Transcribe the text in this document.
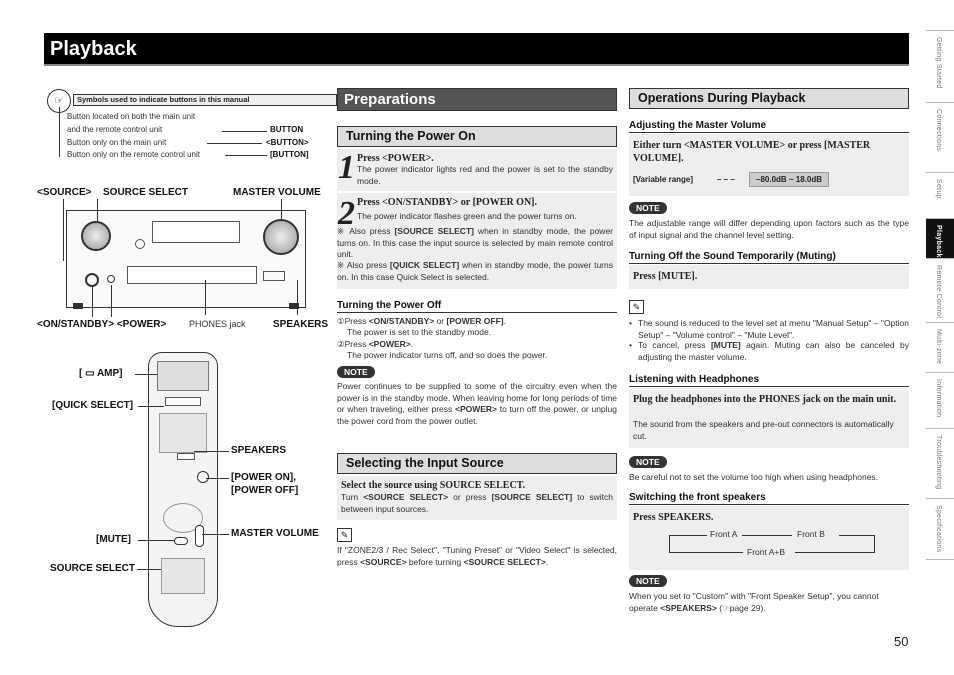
Playback	Getting Started
Connections
Setup
Playback
Remote Control
Multi-zone
Information
Troubleshooting
Specifications
☞	Symbols used to indicate buttons in this manual
Button located on both the main unit
and the remote control unit	BUTTON
Button only on the main unit	<BUTTON>
Button only on the remote control unit	[BUTTON]
<SOURCE> SOURCE SELECT	MASTER VOLUME
<ON/STANDBY> <POWER>	PHONES jack	SPEAKERS
[ ▭ AMP]
[QUICK SELECT]
SPEAKERS
[POWER ON],
[POWER OFF]
[MUTE]
MASTER VOLUME
SOURCE SELECT
Preparations
Turning the Power On
1 Press <POWER>.
The power indicator lights red and the power is set to the standby mode.
2 Press <ON/STANDBY> or [POWER ON].
The power indicator flashes green and the power turns on.
※ Also press [SOURCE SELECT] when in standby mode, the power turns on. In this case the input source is selected by main remote control unit.
※ Also press [QUICK SELECT] when in standby mode, the power turns on. In this case Quick Select is selected.
Turning the Power Off
①Press <ON/STANDBY> or [POWER OFF].
The power is set to the standby mode.
②Press <POWER>.
The power indicator turns off, and so does the power.
NOTE
Power continues to be supplied to some of the circuitry even when the power is in the standby mode. When leaving home for long periods of time or when traveling, either press <POWER> to turn off the power, or unplug the power cord from the power outlet.
Selecting the Input Source
Select the source using SOURCE SELECT.
Turn <SOURCE SELECT> or press [SOURCE SELECT] to switch between input sources.
✎
If "ZONE2/3 / Rec Select", "Tuning Preset" or "Video Select" is selected, press <SOURCE> before turning <SOURCE SELECT>.
Operations During Playback
Adjusting the Master Volume
Either turn <MASTER VOLUME> or press [MASTER VOLUME].
[Variable range]	– – –	–80.0dB ~ 18.0dB
NOTE
The adjustable range will differ depending upon factors such as the type of input signal and the channel level setting.
Turning Off the Sound Temporarily (Muting)
Press [MUTE].
✎
• The sound is reduced to the level set at menu "Manual Setup" – "Option Setup" – "Volume control" – "Mute Level".
• To cancel, press [MUTE] again. Muting can also be canceled by adjusting the master volume.
Listening with Headphones
Plug the headphones into the PHONES jack on the main unit.
The sound from the speakers and pre-out connectors is automatically cut.
NOTE
Be careful not to set the volume too high when using headphones.
Switching the front speakers
Press SPEAKERS.
Front A	Front B
Front A+B
NOTE
When you set to "Custom" with "Front Speaker Setup", you cannot operate <SPEAKERS> (☞page 29).
50
